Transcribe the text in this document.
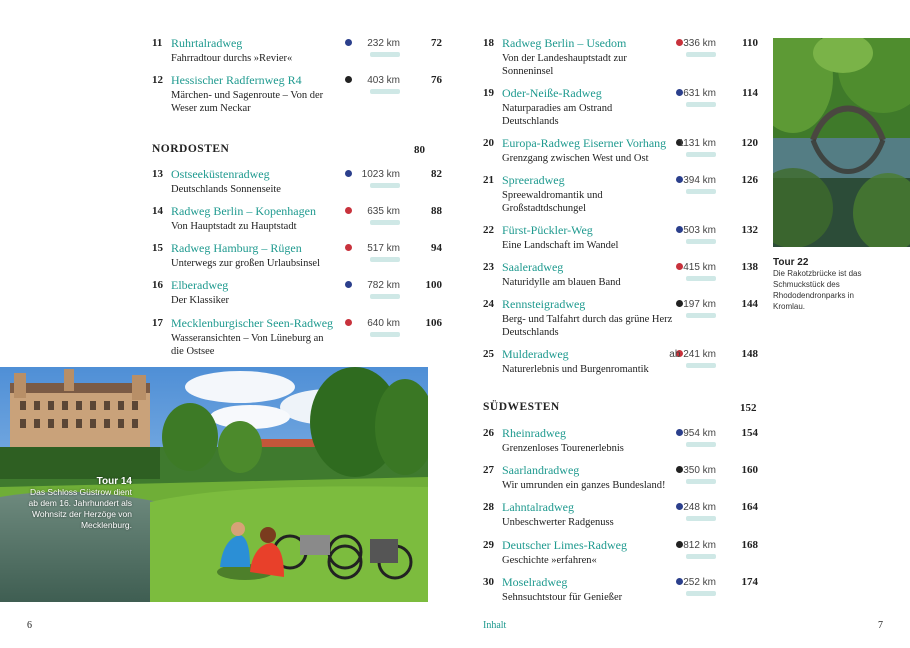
11 Ruhrtalradweg
Fahrradtour durchs »Revier«
232 km	72
12 Hessischer Radfernweg R4
Märchen- und Sagenroute – Von der Weser zum Neckar
403 km	76
NORDOSTEN	80
13 Ostseeküstenradweg
Deutschlands Sonnenseite
1023 km	82
14 Radweg Berlin – Kopenhagen
Von Hauptstadt zu Hauptstadt
635 km	88
15 Radweg Hamburg – Rügen
Unterwegs zur großen Urlaubsinsel
517 km	94
16 Elberadweg
Der Klassiker
782 km 100
17 Mecklenburgischer Seen-Radweg
Wasseransichten – Von Lüneburg an die Ostsee
640 km 106
Tour 14
Das Schloss Güstrow dient ab dem 16. Jahrhundert als Wohnsitz der Herzöge von Mecklenburg.
18 Radweg Berlin – Usedom
Von der Landeshauptstadt zur Sonneninsel
336 km 110
19 Oder-Neiße-Radweg
Naturparadies am Ostrand Deutschlands
631 km 114
20 Europa-Radweg Eiserner Vorhang
Grenzgang zwischen West und Ost
1131 km 120
21 Spreeradweg
Spreewaldromantik und Großstadtdschungel
394 km 126
22 Fürst-Pückler-Weg
Eine Landschaft im Wandel
503 km 132
23 Saaleradweg
Naturidylle am blauen Band
415 km 138
24 Rennsteigradweg
Berg- und Talfahrt durch das grüne Herz Deutschlands
197 km 144
25 Mulderadweg
Naturerlebnis und Burgenromantik
ab 241 km 148
SÜDWESTEN	152
26 Rheinradweg
Grenzenloses Tourenerlebnis
954 km 154
27 Saarlandradweg
Wir umrunden ein ganzes Bundesland!
350 km 160
28 Lahntalradweg
Unbeschwerter Radgenuss
248 km 164
29 Deutscher Limes-Radweg
Geschichte »erfahren«
812 km 168
30 Moselradweg
Sehnsuchtstour für Genießer
252 km 174
Tour 22
Die Rakotzbrücke ist das Schmuckstück des Rhododendronparks in Kromlau.
6	Inhalt	7
